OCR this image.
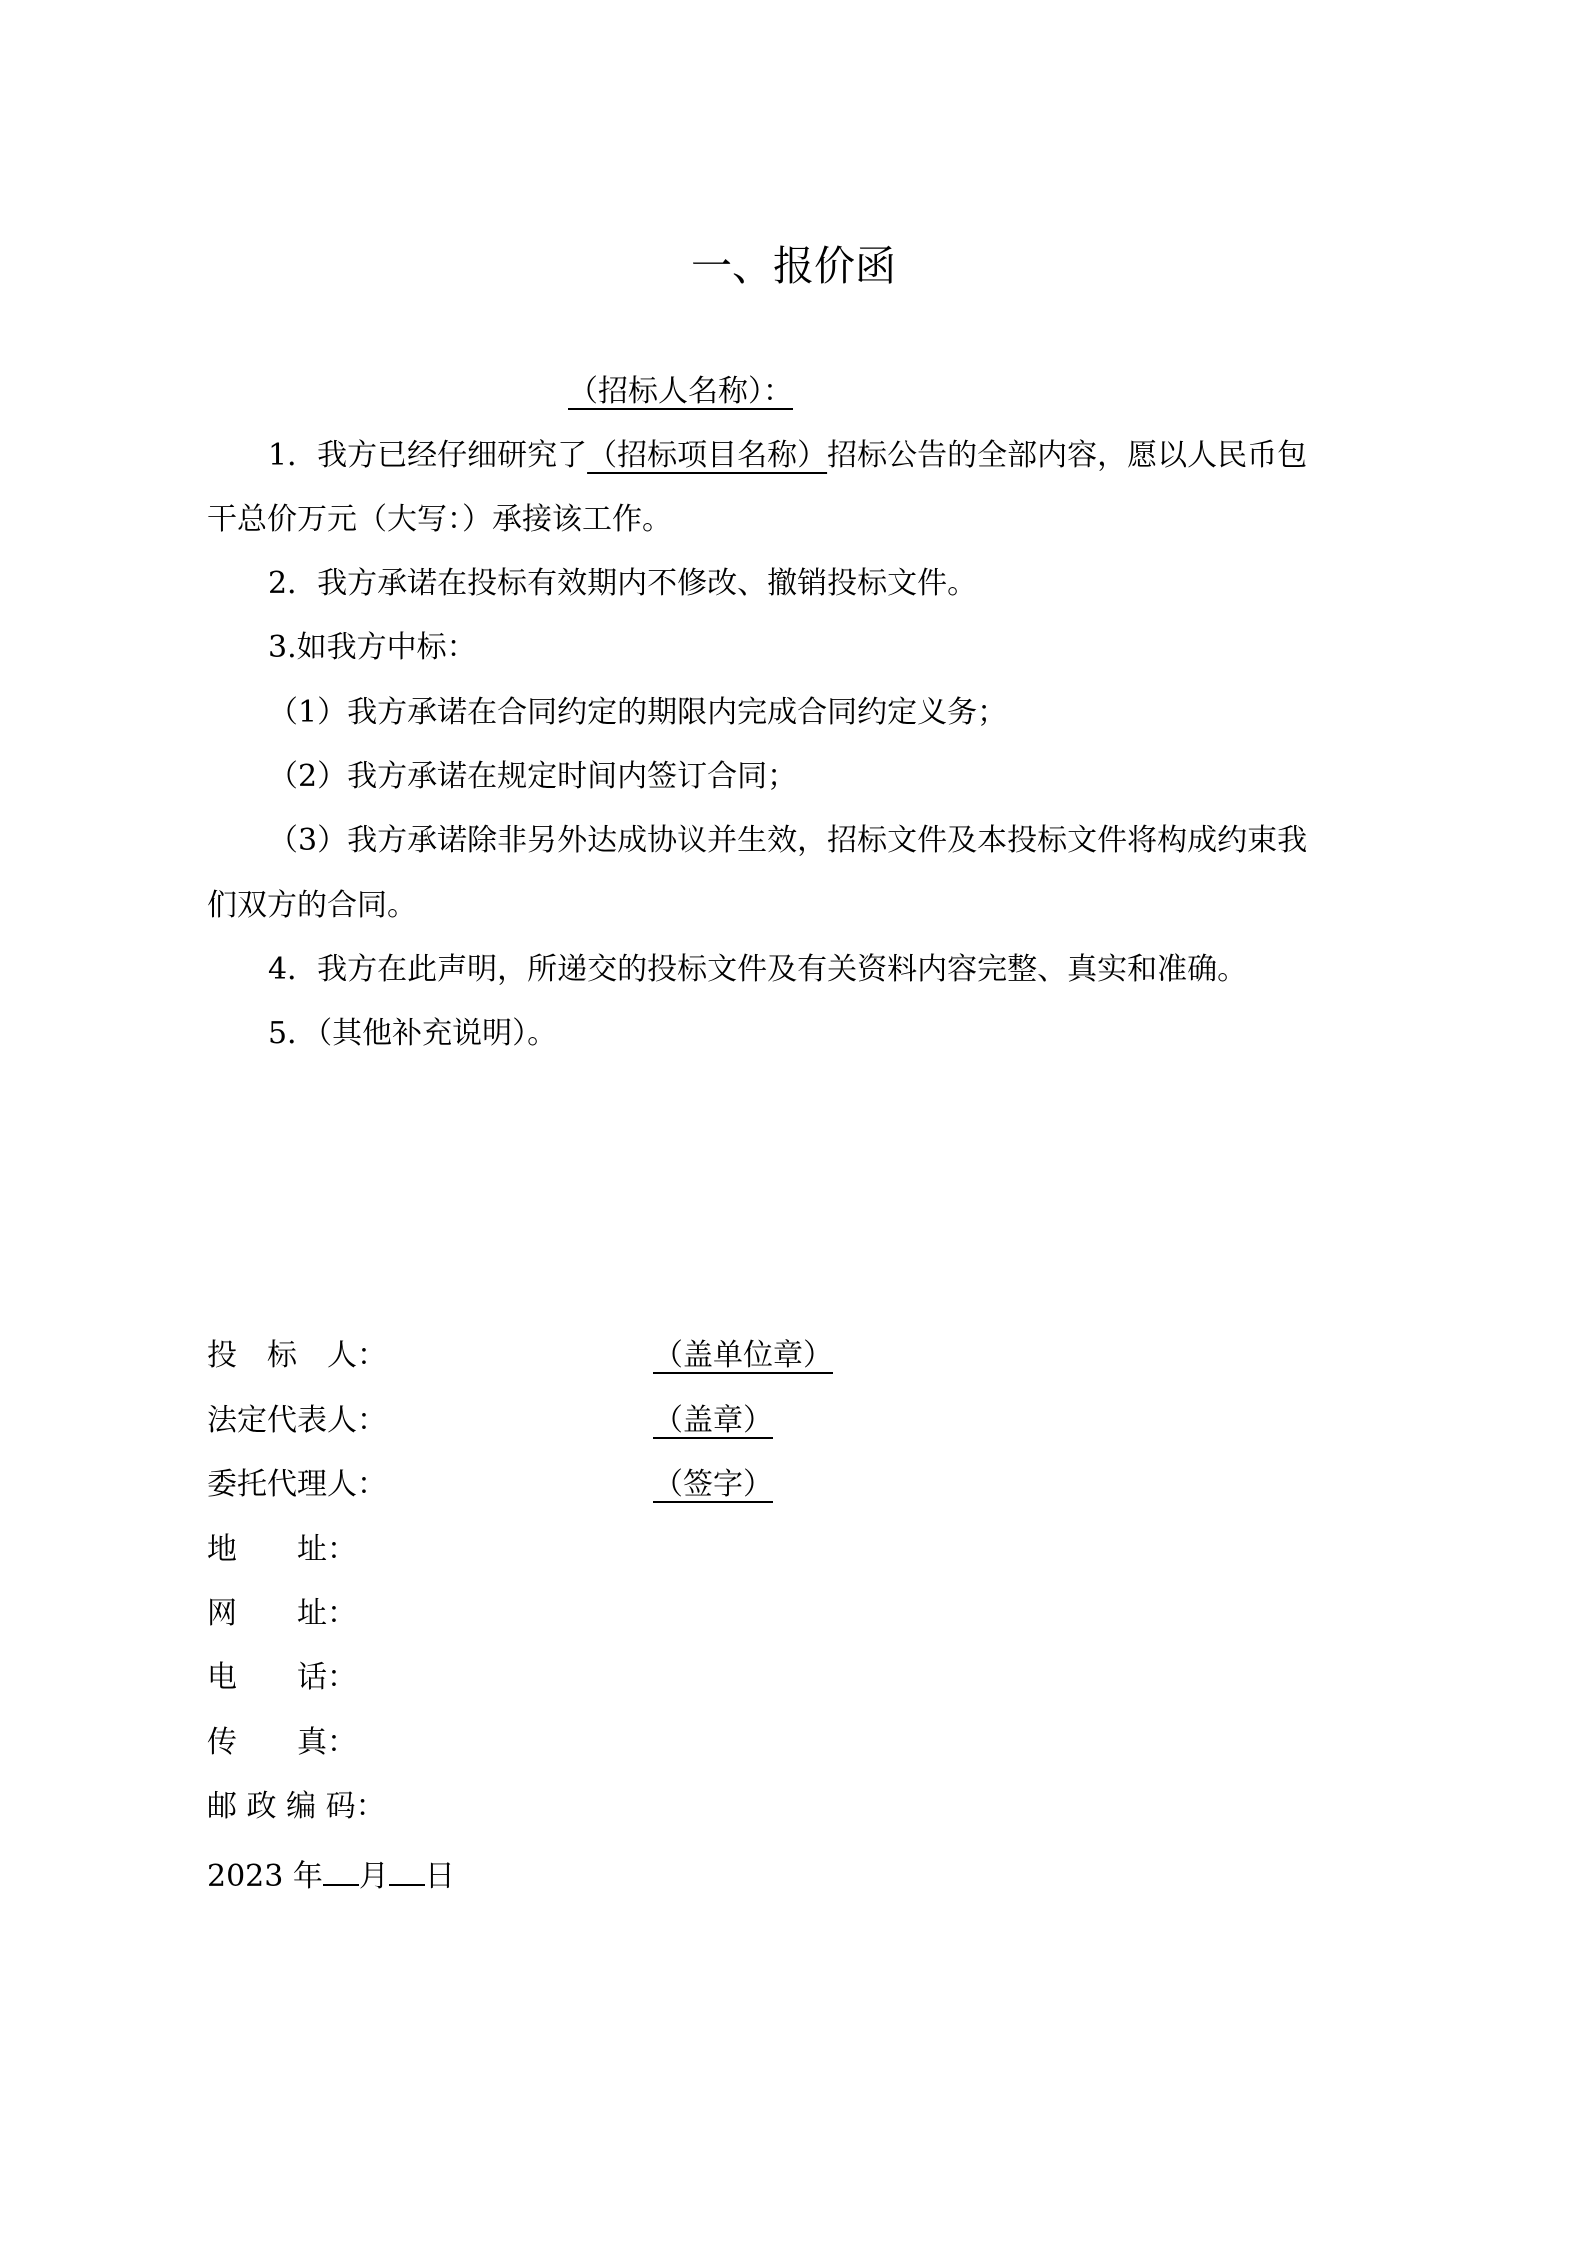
一、报价函
（招标人名称）：
1．我方已经仔细研究了（招标项目名称）招标公告的全部内容，愿以人民币包
干总价万元（大写：）承接该工作。
2．我方承诺在投标有效期内不修改、撤销投标文件。
3.如我方中标：
（1）我方承诺在合同约定的期限内完成合同约定义务；
（2）我方承诺在规定时间内签订合同；
（3）我方承诺除非另外达成协议并生效，招标文件及本投标文件将构成约束我
们双方的合同。
4．我方在此声明，所递交的投标文件及有关资料内容完整、真实和准确。
5．（其他补充说明）。
投　标　人：	（盖单位章）
法定代表人：	（盖章）
委托代理人：	（签字）
地　　址：
网　　址：
电　　话：
传　　真：
邮 政 编 码：
2023 年 月 日
